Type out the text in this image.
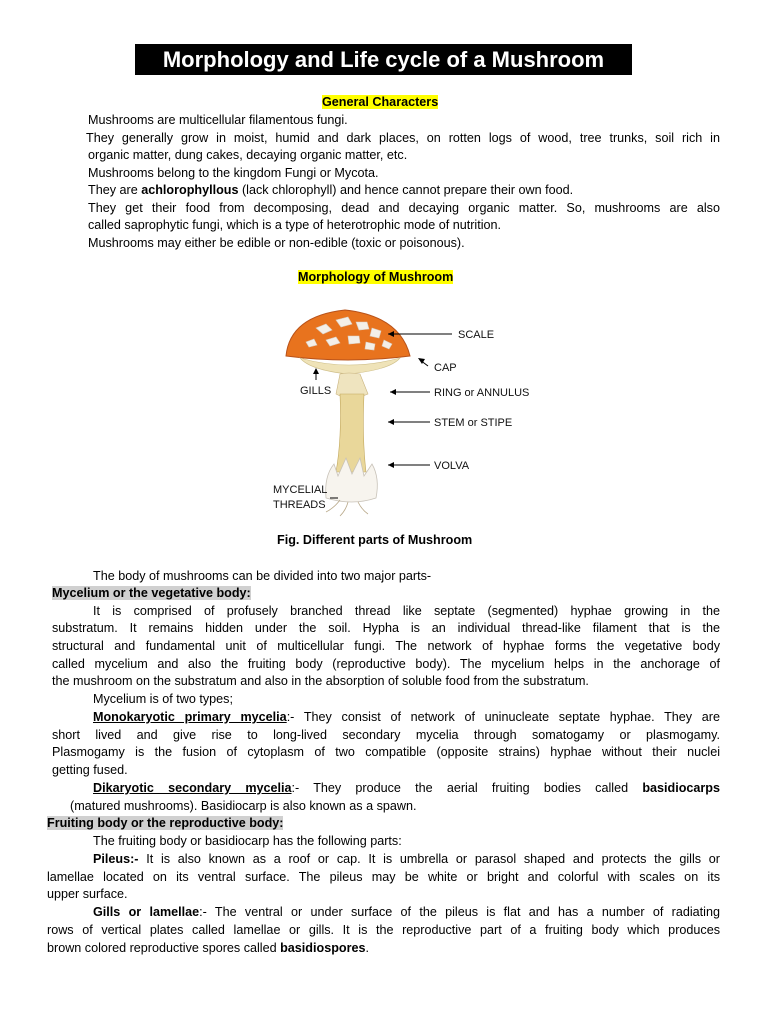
Morphology and Life cycle of a Mushroom
General Characters
Mushrooms are multicellular filamentous fungi.
They generally grow in moist, humid and dark places, on rotten logs of wood, tree trunks, soil rich in
organic matter, dung cakes, decaying organic matter, etc.
Mushrooms belong to the kingdom Fungi or Mycota.
They are achlorophyllous (lack chlorophyll) and hence cannot prepare their own food.
They get their food from decomposing, dead and decaying organic matter. So, mushrooms are also
called saprophytic fungi, which is a type of heterotrophic mode of nutrition.
Mushrooms may either be edible or non-edible (toxic or poisonous).
Morphology of Mushroom
SCALE
CAP
GILLS	RING or ANNULUS
STEM or STIPE
VOLVA
MYCELIAL
THREADS
Fig. Different parts of Mushroom
The body of mushrooms can be divided into two major parts-
Mycelium or the vegetative body:
It is comprised of profusely branched thread like septate (segmented) hyphae growing in the
substratum. It remains hidden under the soil. Hypha is an individual thread-like filament that is the
structural and fundamental unit of multicellular fungi. The network of hyphae forms the vegetative body
called mycelium and also the fruiting body (reproductive body). The mycelium helps in the anchorage of
the mushroom on the substratum and also in the absorption of soluble food from the substratum.
Mycelium is of two types;
Monokaryotic primary mycelia:- They consist of network of uninucleate septate hyphae. They are
short lived and give rise to long-lived secondary mycelia through somatogamy or plasmogamy.
Plasmogamy is the fusion of cytoplasm of two compatible (opposite strains) hyphae without their nuclei
getting fused.
Dikaryotic secondary mycelia:- They produce the aerial fruiting bodies called basidiocarps
(matured mushrooms). Basidiocarp is also known as a spawn.
Fruiting body or the reproductive body:
The fruiting body or basidiocarp has the following parts:
Pileus:- It is also known as a roof or cap. It is umbrella or parasol shaped and protects the gills or
lamellae located on its ventral surface. The pileus may be white or bright and colorful with scales on its
upper surface.
Gills or lamellae:- The ventral or under surface of the pileus is flat and has a number of radiating
rows of vertical plates called lamellae or gills. It is the reproductive part of a fruiting body which produces
brown colored reproductive spores called basidiospores.
